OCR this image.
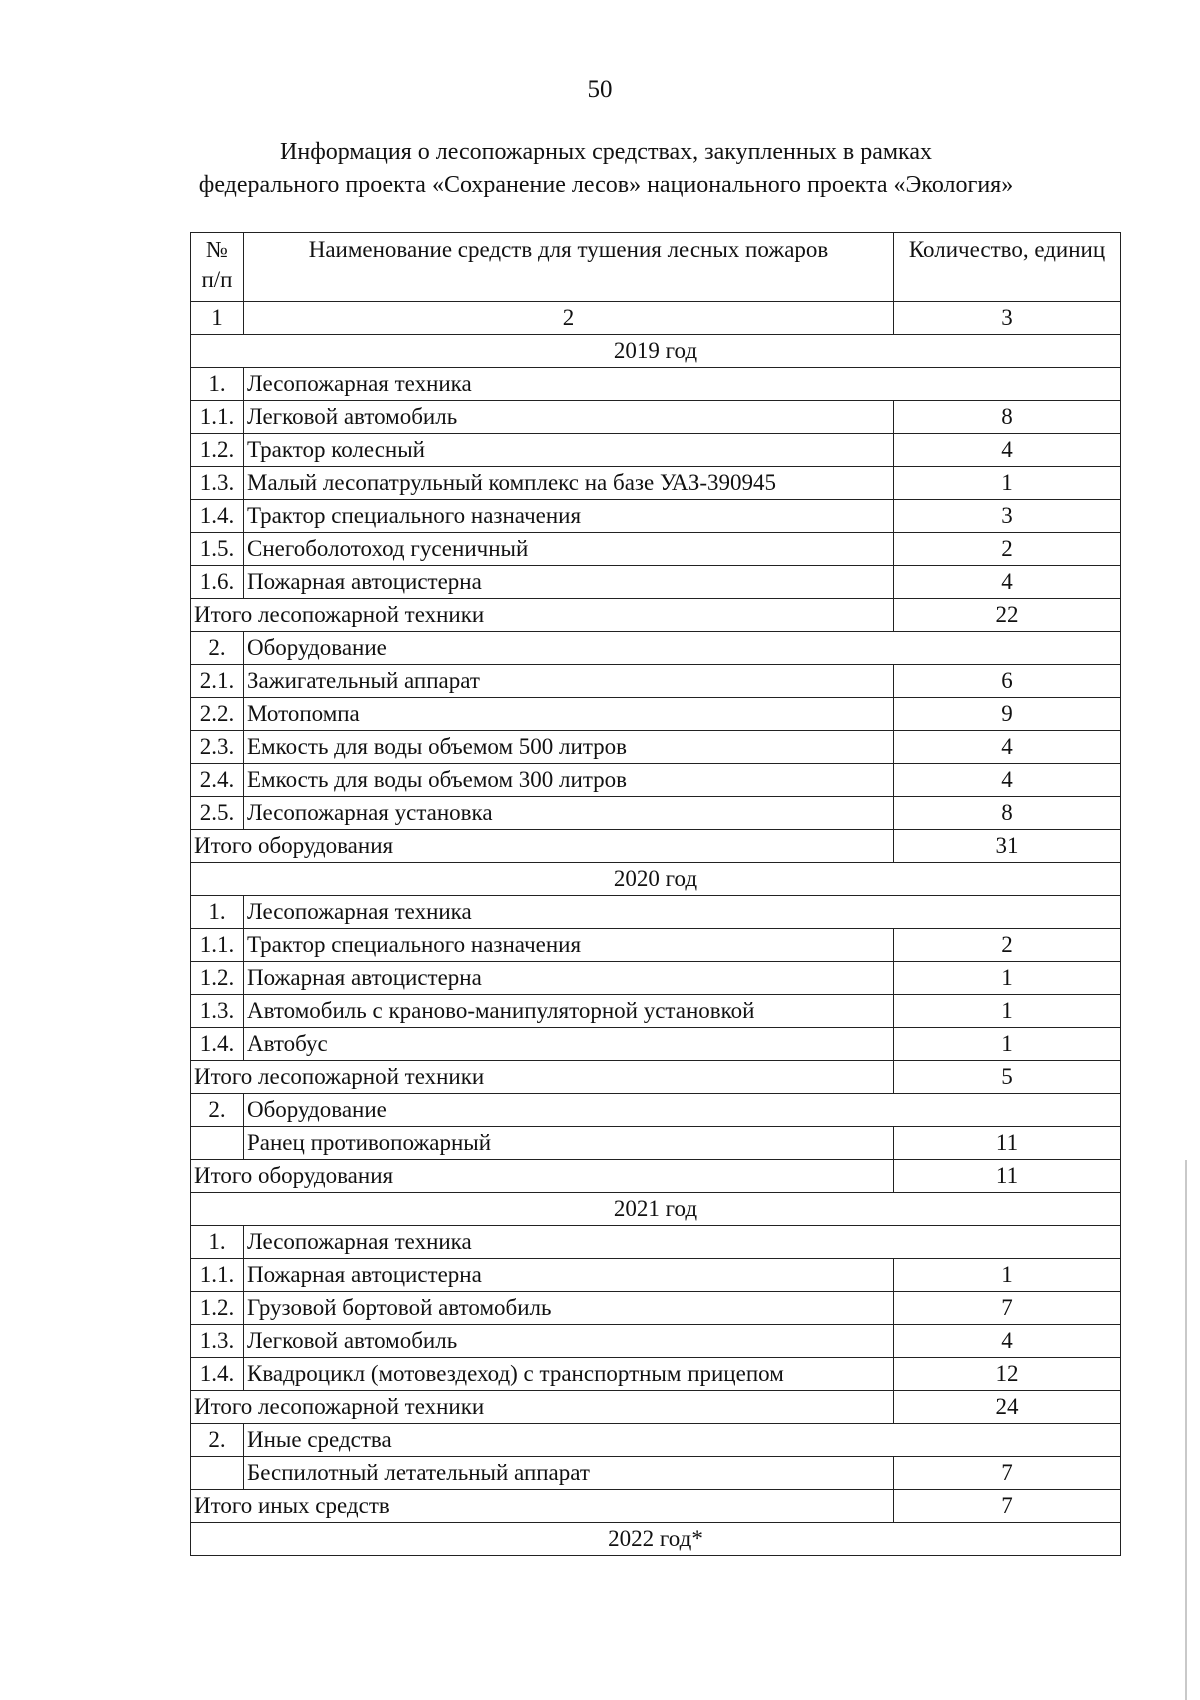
50
Информация о лесопожарных средствах, закупленных в рамках
федерального проекта «Сохранение лесов» национального проекта «Экология»
№ п/п	Наименование средств для тушения лесных пожаров	Количество, единиц
1	2	3
2019 год		
1.	Лесопожарная техника	
1.1.	Легковой автомобиль	8
1.2.	Трактор колесный	4
1.3.	Малый лесопатрульный комплекс на базе УАЗ-390945	1
1.4.	Трактор специального назначения	3
1.5.	Снегоболотоход гусеничный	2
1.6.	Пожарная автоцистерна	4
Итого лесопожарной техники		22
2.	Оборудование	
2.1.	Зажигательный аппарат	6
2.2.	Мотопомпа	9
2.3.	Емкость для воды объемом 500 литров	4
2.4.	Емкость для воды объемом 300 литров	4
2.5.	Лесопожарная установка	8
Итого оборудования		31
2020 год		
1.	Лесопожарная техника	
1.1.	Трактор специального назначения	2
1.2.	Пожарная автоцистерна	1
1.3.	Автомобиль с краново-манипуляторной установкой	1
1.4.	Автобус	1
Итого лесопожарной техники		5
2.	Оборудование	
	Ранец противопожарный	11
Итого оборудования		11
2021 год		
1.	Лесопожарная техника	
1.1.	Пожарная автоцистерна	1
1.2.	Грузовой бортовой автомобиль	7
1.3.	Легковой автомобиль	4
1.4.	Квадроцикл (мотовездеход) с транспортным прицепом	12
Итого лесопожарной техники		24
2.	Иные средства	
	Беспилотный летательный аппарат	7
Итого иных средств		7
2022 год*		
